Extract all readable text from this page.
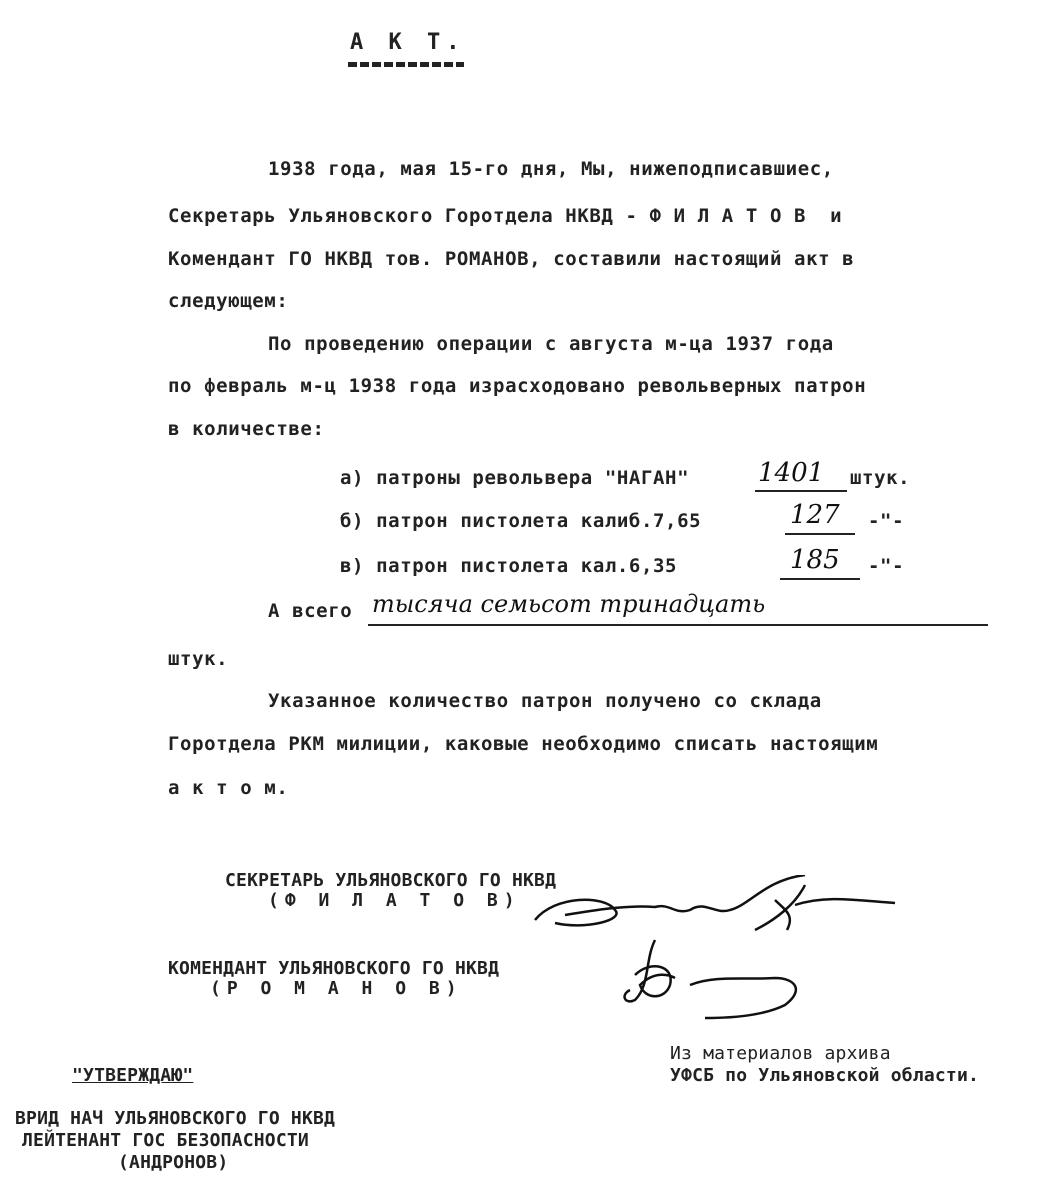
А К Т.
1938 года, мая 15-го дня, Мы, нижеподписавшиес,
Секретарь Ульяновского Горотдела НКВД - Ф И Л А Т О В  и
Комендант ГО НКВД тов. РОМАНОВ, составили настоящий акт в
следующем:
По проведению операции с августа м-ца 1937 года
по февраль м-ц 1938 года израсходовано револьверных патрон
в количестве:
а) патроны револьвера "НАГАН"	1401 штук.
б) патрон пистолета калиб.7,65	127 -"-
в) патрон пистолета кал.6,35	185 -"-
А всего тысяча семьсот тринадцать
штук.
Указанное количество патрон получено со склада
Горотдела РКМ милиции, каковые необходимо списать настоящим
а к т о м.
СЕКРЕТАРЬ УЛЬЯНОВСКОГО ГО НКВД
(Ф И Л А Т О В)
КОМЕНДАНТ УЛЬЯНОВСКОГО ГО НКВД
(Р О М А Н О В)
"УТВЕРЖДАЮ"
ВРИД НАЧ УЛЬЯНОВСКОГО ГО НКВД
ЛЕЙТЕНАНТ ГОС БЕЗОПАСНОСТИ
(АНДРОНОВ)
Из материалов архива
УФСБ по Ульяновской области.
